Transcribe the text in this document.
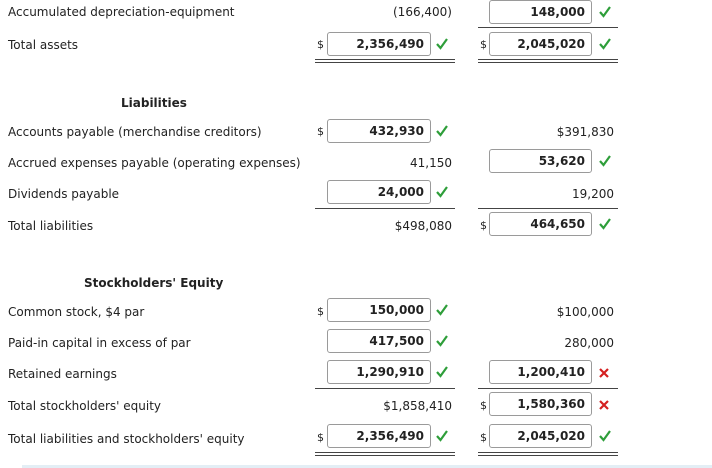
Accumulated depreciation-equipment	(166,400)	148,000
Total assets	$	2,356,490	$	2,045,020
Liabilities
Accounts payable (merchandise creditors)	$	432,930	$391,830
Accrued expenses payable (operating expenses)	41,150	53,620
Dividends payable	24,000	19,200
Total liabilities	$498,080	$	464,650
Stockholders' Equity
Common stock, $4 par	$	150,000	$100,000
Paid-in capital in excess of par	417,500	280,000
Retained earnings	1,290,910	1,200,410
Total stockholders' equity	$1,858,410	$	1,580,360
Total liabilities and stockholders' equity	$	2,356,490	$	2,045,020
